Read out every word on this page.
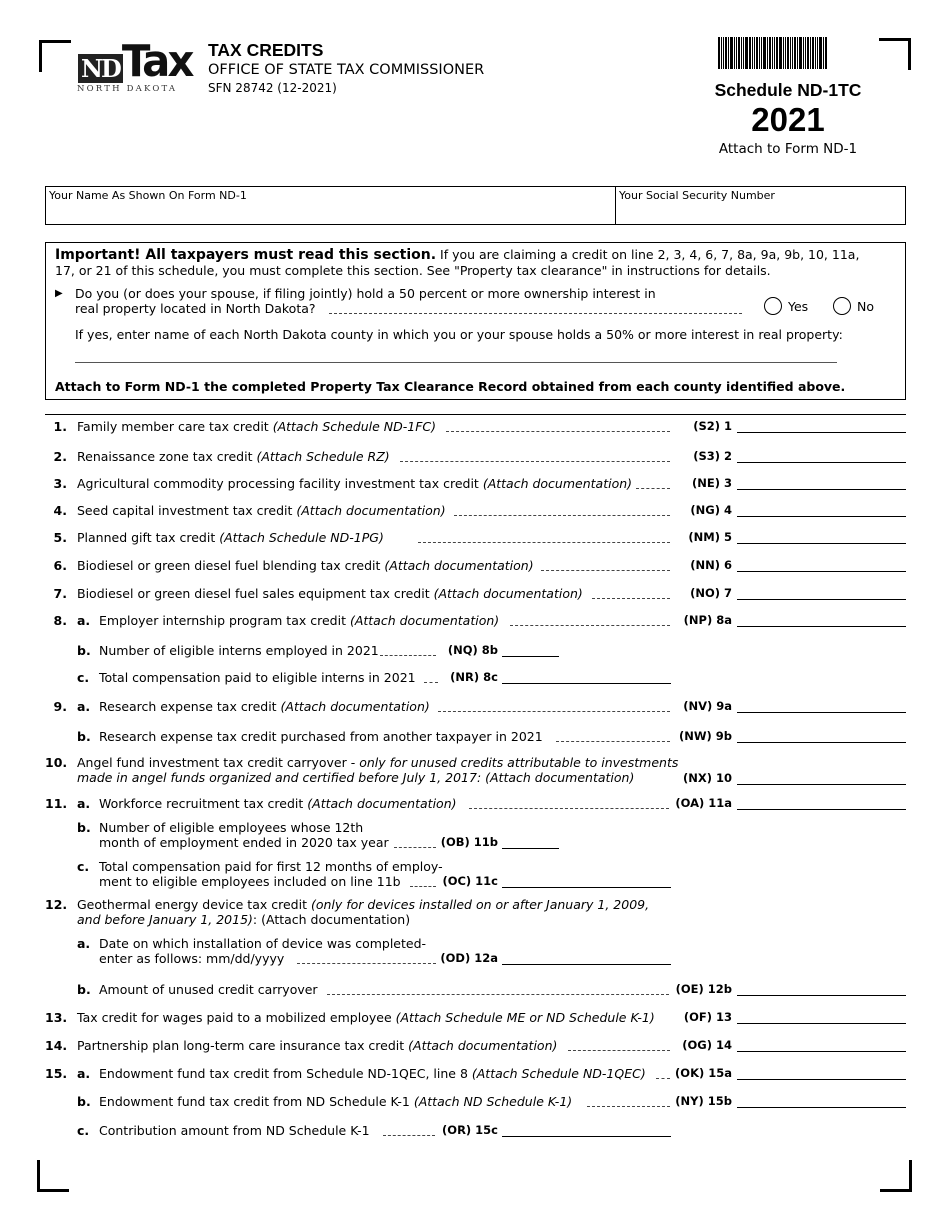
ND Tax
NORTH DAKOTA
TAX CREDITS
OFFICE OF STATE TAX COMMISSIONER
SFN 28742 (12-2021)	Schedule ND-1TC
2021
Attach to Form ND-1
Your Name As Shown On Form ND-1	Your Social Security Number
Important! All taxpayers must read this section. If you are claiming a credit on line 2, 3, 4, 6, 7, 8a, 9a, 9b, 10, 11a,
17, or 21 of this schedule, you must complete this section. See "Property tax clearance" in instructions for details.
▶ Do you (or does your spouse, if filing jointly) hold a 50 percent or more ownership interest in
real property located in North Dakota?	Yes	No
If yes, enter name of each North Dakota county in which you or your spouse holds a 50% or more interest in real property:
Attach to Form ND-1 the completed Property Tax Clearance Record obtained from each county identified above.
1. Family member care tax credit (Attach Schedule ND-1FC)	(S2) 1
2. Renaissance zone tax credit (Attach Schedule RZ)	(S3) 2
3. Agricultural commodity processing facility investment tax credit (Attach documentation)	(NE) 3
4. Seed capital investment tax credit (Attach documentation)	(NG) 4
5. Planned gift tax credit (Attach Schedule ND-1PG)	(NM) 5
6. Biodiesel or green diesel fuel blending tax credit (Attach documentation)	(NN) 6
7. Biodiesel or green diesel fuel sales equipment tax credit (Attach documentation)	(NO) 7
8. a. Employer internship program tax credit (Attach documentation)	(NP) 8a
b. Number of eligible interns employed in 2021	(NQ) 8b
c. Total compensation paid to eligible interns in 2021	(NR) 8c
9. a. Research expense tax credit (Attach documentation)	(NV) 9a
b. Research expense tax credit purchased from another taxpayer in 2021	(NW) 9b
10. Angel fund investment tax credit carryover - only for unused credits attributable to investments
made in angel funds organized and certified before July 1, 2017: (Attach documentation)	(NX) 10
11. a. Workforce recruitment tax credit (Attach documentation)	(OA) 11a
b. Number of eligible employees whose 12th
month of employment ended in 2020 tax year	(OB) 11b
c. Total compensation paid for first 12 months of employ-
ment to eligible employees included on line 11b	(OC) 11c
12. Geothermal energy device tax credit (only for devices installed on or after January 1, 2009,
and before January 1, 2015): (Attach documentation)
a. Date on which installation of device was completed-
enter as follows: mm/dd/yyyy	(OD) 12a
b. Amount of unused credit carryover	(OE) 12b
13. Tax credit for wages paid to a mobilized employee (Attach Schedule ME or ND Schedule K-1)	(OF) 13
14. Partnership plan long-term care insurance tax credit (Attach documentation)	(OG) 14
15. a. Endowment fund tax credit from Schedule ND-1QEC, line 8 (Attach Schedule ND-1QEC)	(OK) 15a
b. Endowment fund tax credit from ND Schedule K-1 (Attach ND Schedule K-1)	(NY) 15b
c. Contribution amount from ND Schedule K-1	(OR) 15c
